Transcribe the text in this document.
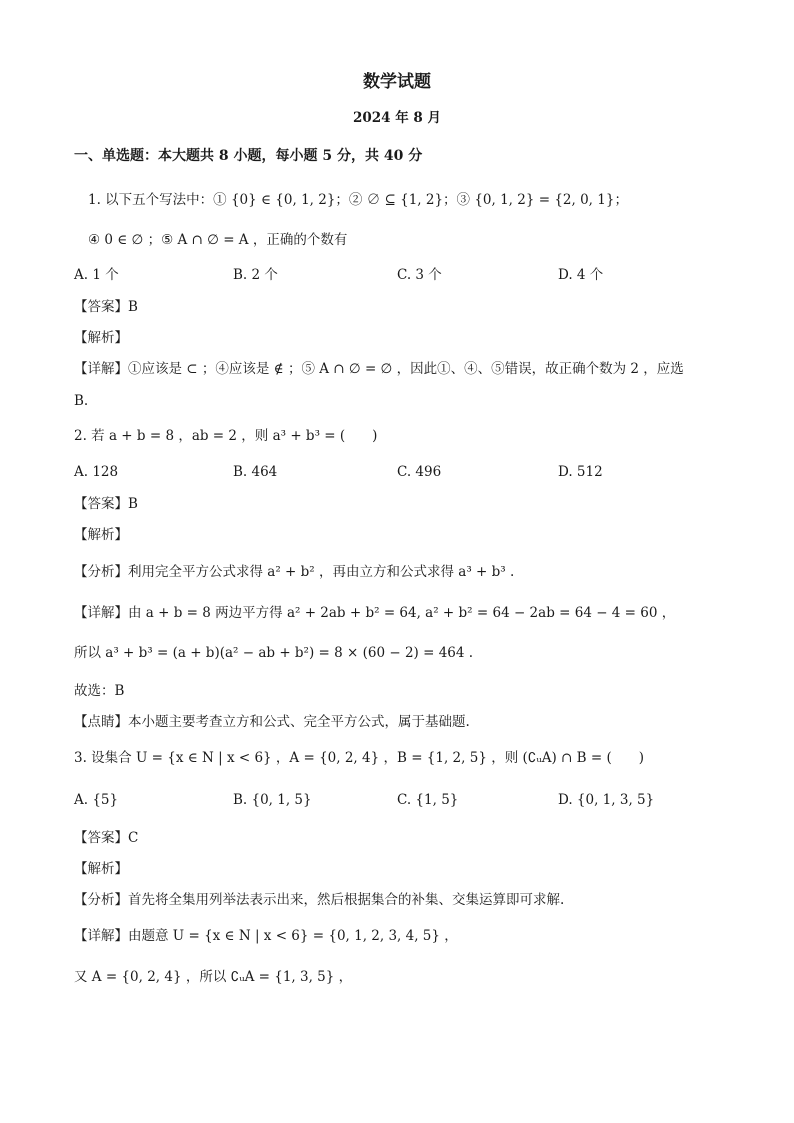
数学试题
2024 年 8 月
一、单选题：本大题共 8 小题，每小题 5 分，共 40 分
1. 以下五个写法中：① {0} ∈ {0, 1, 2}；② ∅ ⊆ {1, 2}；③ {0, 1, 2} = {2, 0, 1}；
④ 0 ∈ ∅ ；⑤ A ∩ ∅ = A ，正确的个数有
A. 1 个	B. 2 个	C. 3 个	D. 4 个
【答案】B
【解析】
【详解】①应该是 ⊂ ；④应该是 ∉ ；⑤ A ∩ ∅ = ∅ ，因此①、④、⑤错误，故正确个数为 2 ，应选
B.
2. 若 a + b = 8 ，ab = 2 ，则 a³ + b³ = (　　)
A. 128	B. 464	C. 496	D. 512
【答案】B
【解析】
【分析】利用完全平方公式求得 a² + b² ，再由立方和公式求得 a³ + b³ .
【详解】由 a + b = 8 两边平方得 a² + 2ab + b² = 64, a² + b² = 64 − 2ab = 64 − 4 = 60 ，
所以 a³ + b³ = (a + b)(a² − ab + b²) = 8 × (60 − 2) = 464 .
故选：B
【点睛】本小题主要考查立方和公式、完全平方公式，属于基础题.
3. 设集合 U = {x ∈ N | x < 6} ，A = {0, 2, 4} ，B = {1, 2, 5} ，则 (∁ᵤA) ∩ B = (　　)
A. {5}	B. {0, 1, 5}	C. {1, 5}	D. {0, 1, 3, 5}
【答案】C
【解析】
【分析】首先将全集用列举法表示出来，然后根据集合的补集、交集运算即可求解.
【详解】由题意 U = {x ∈ N | x < 6} = {0, 1, 2, 3, 4, 5} ，
又 A = {0, 2, 4} ，所以 ∁ᵤA = {1, 3, 5} ，
